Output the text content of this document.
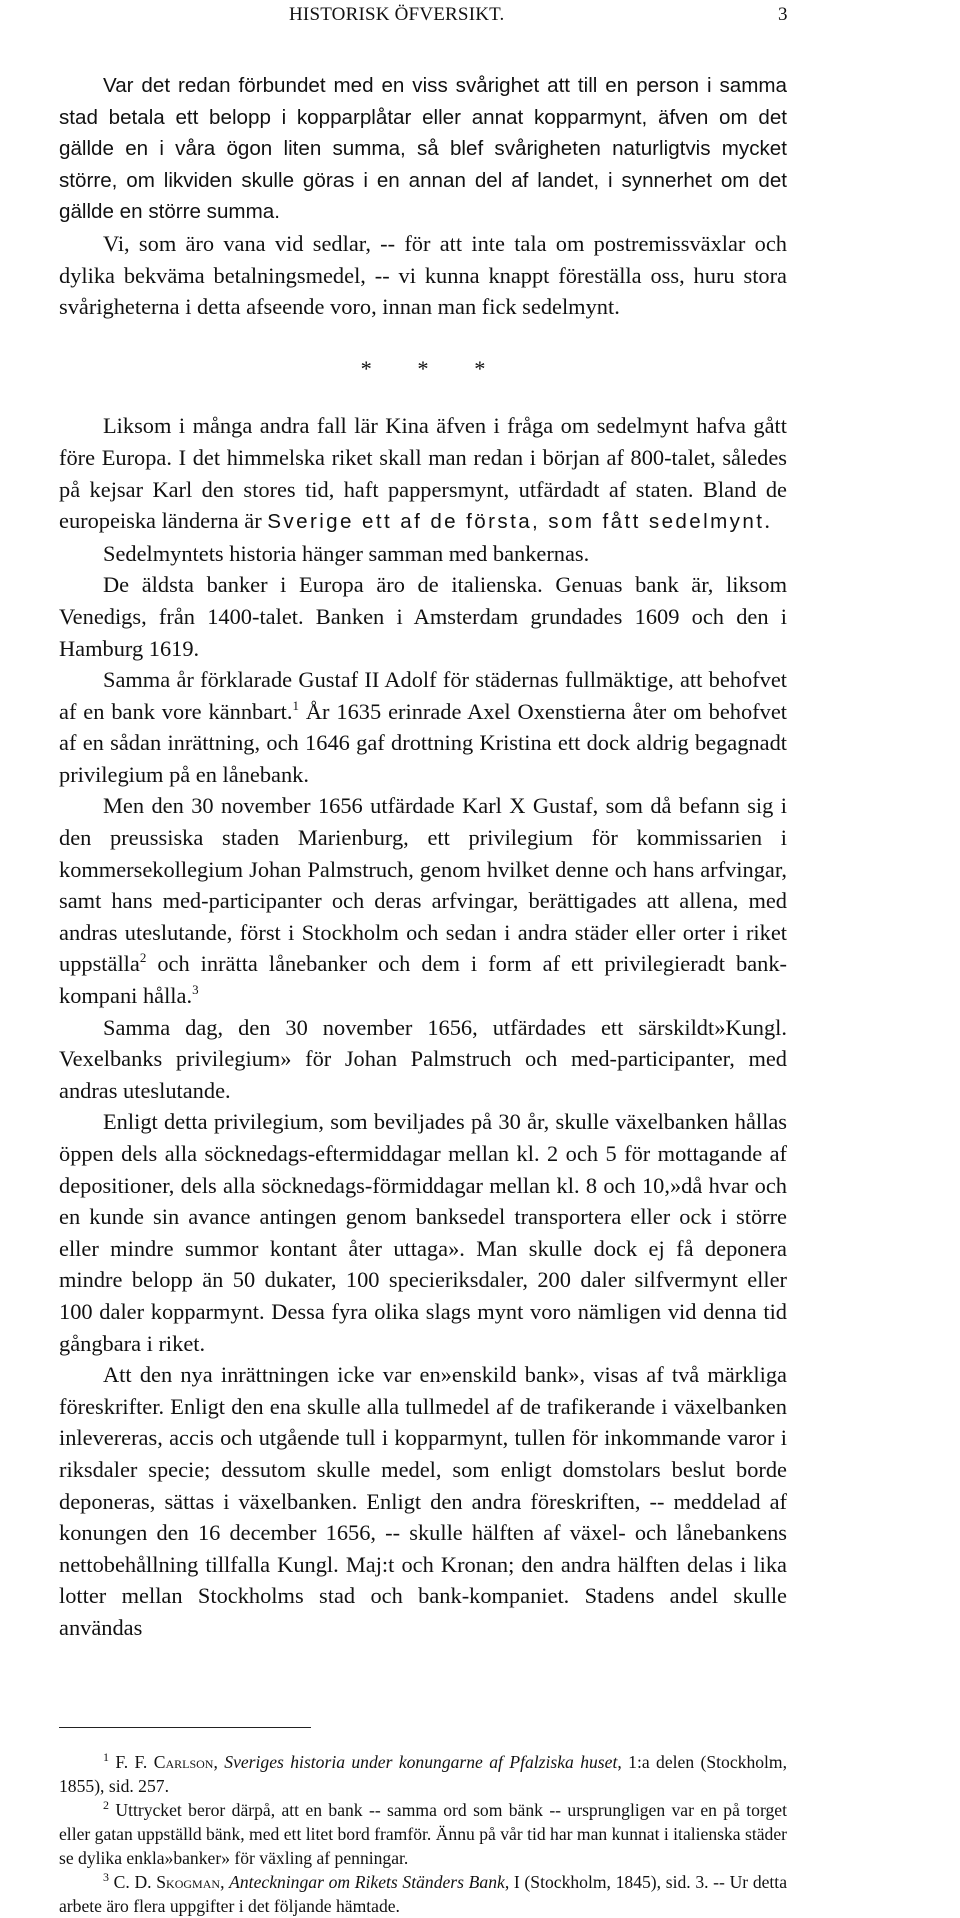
HISTORISK ÖFVERSIKT.	3

Var det redan förbundet med en viss svårighet att till en person i samma stad betala ett belopp i kopparplåtar eller annat kopparmynt, äfven om det gällde en i våra ögon liten summa, så blef svårigheten naturligtvis mycket större, om likviden skulle göras i en annan del af landet, i synnerhet om det gällde en större summa.

Vi, som äro vana vid sedlar, -- för att inte tala om postremissväxlar och dylika bekväma betalningsmedel, -- vi kunna knappt föreställa oss, huru stora svårigheterna i detta afseende voro, innan man fick sedelmynt.

* * *

Liksom i många andra fall lär Kina äfven i fråga om sedelmynt hafva gått före Europa. I det himmelska riket skall man redan i början af 800-talet, således på kejsar Karl den stores tid, haft pappersmynt, utfärdadt af staten. Bland de europeiska länderna är Sverige ett af de första, som fått sedelmynt.

Sedelmyntets historia hänger samman med bankernas.

De äldsta banker i Europa äro de italienska. Genuas bank är, liksom Venedigs, från 1400-talet. Banken i Amsterdam grundades 1609 och den i Hamburg 1619.

Samma år förklarade Gustaf II Adolf för städernas fullmäktige, att behofvet af en bank vore kännbart.$^1$ År 1635 erinrade Axel Oxenstierna åter om behofvet af en sådan inrättning, och 1646 gaf drottning Kristina ett dock aldrig begagnadt privilegium på en lånebank.

Men den 30 november 1656 utfärdade Karl X Gustaf, som då befann sig i den preussiska staden Marienburg, ett privilegium för kommissarien i kommersekollegium Johan Palmstruch, genom hvilket denne och hans arfvingar, samt hans med-participanter och deras arfvingar, berättigades att allena, med andras uteslutande, först i Stockholm och sedan i andra städer eller orter i riket uppställa$^2$ och inrätta lånebanker och dem i form af ett privilegieradt bank-kompani hålla.$^3$

Samma dag, den 30 november 1656, utfärdades ett särskildt»Kungl. Vexelbanks privilegium» för Johan Palmstruch och med-participanter, med andras uteslutande.

Enligt detta privilegium, som beviljades på 30 år, skulle växelbanken hållas öppen dels alla söcknedags-eftermiddagar mellan kl. 2 och 5 för mottagande af depositioner, dels alla söcknedags-förmiddagar mellan kl. 8 och 10,»då hvar och en kunde sin avance antingen genom banksedel transportera eller ock i större eller mindre summor kontant åter uttaga». Man skulle dock ej få deponera mindre belopp än 50 dukater, 100 specieriksdaler, 200 daler silfvermynt eller 100 daler kopparmynt. Dessa fyra olika slags mynt voro nämligen vid denna tid gångbara i riket.

Att den nya inrättningen icke var en»enskild bank», visas af två märkliga föreskrifter. Enligt den ena skulle alla tullmedel af de trafikerande i växelbanken inlevereras, accis och utgående tull i kopparmynt, tullen för inkommande varor i riksdaler specie; dessutom skulle medel, som enligt domstolars beslut borde deponeras, sättas i växelbanken. Enligt den andra föreskriften, -- meddelad af konungen den 16 december 1656, -- skulle hälften af växel- och lånebankens nettobehållning tillfalla Kungl. Maj:t och Kronan; den andra hälften delas i lika lotter mellan Stockholms stad och bank-kompaniet. Stadens andel skulle användas

$^1$ F. F. Carlson, Sveriges historia under konungarne af Pfalziska huset, 1:a delen (Stockholm, 1855), sid. 257.

$^2$ Uttrycket beror därpå, att en bank -- samma ord som bänk -- ursprungligen var en på torget eller gatan uppställd bänk, med ett litet bord framför. Ännu på vår tid har man kunnat i italienska städer se dylika enkla»banker» för växling af penningar.

$^3$ C. D. Skogman, Anteckningar om Rikets Ständers Bank, I (Stockholm, 1845), sid. 3. -- Ur detta arbete äro flera uppgifter i det följande hämtade.
